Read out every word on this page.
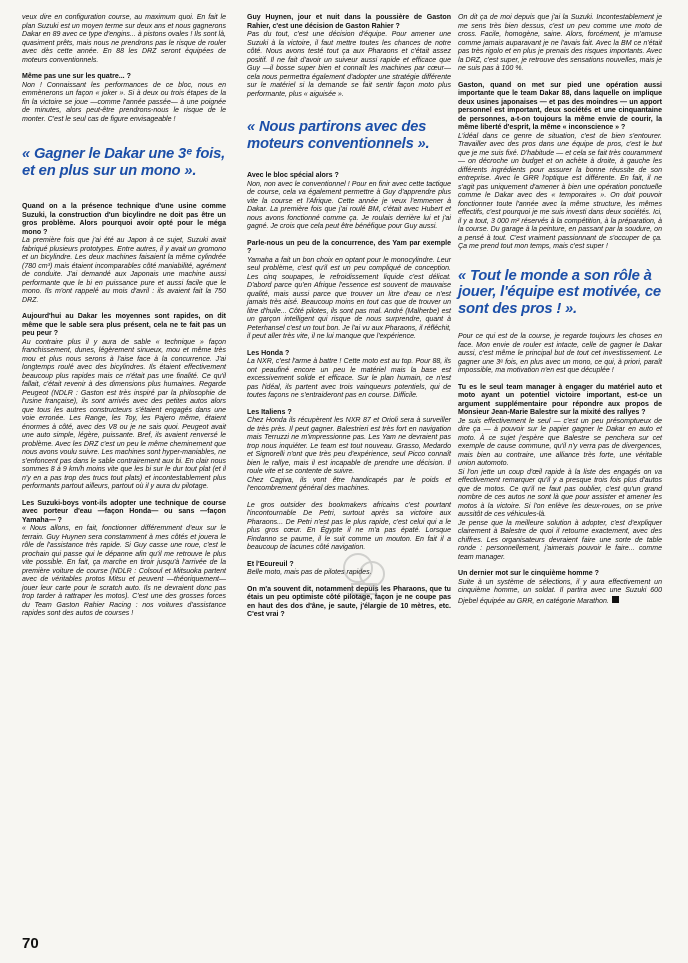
veux dire en configuration course, au maximum quoi. En fait le plan Suzuki est un moyen terme sur deux ans et nous gagnerons Dakar en 89 avec ce type d'engins... à pistons ovales ! Ils sont là, quasiment prêts, mais nous ne prendrons pas le risque de rouler avec dès cette année. En 88 les DRZ seront équipées de moteurs conventionnels.

Même pas une sur les quatre... ?

Non ! Connaissant les performances de ce bloc, nous en emmènerons un façon « joker ». Si à deux ou trois étapes de la fin la victoire se joue —comme l'année passée— à une poignée de minutes, alors peut-être prendrons-nous le risque de le monter. C'est le seul cas de figure envisageable !

« Gagner le Dakar une 3ᵉ fois, et en plus sur un mono ».
Quand on a la présence technique d'une usine comme Suzuki, la construction d'un bicylindre ne doit pas être un gros problème. Alors pourquoi avoir opté pour le méga mono ?

La première fois que j'ai été au Japon à ce sujet, Suzuki avait fabriqué plusieurs prototypes. Entre autres, il y avait un gromono et un bicylindre. Les deux machines faisaient la même cylindrée (780 cm³) mais étaient incomparables côté maniabilité, agrément de conduite. J'ai demandé aux Japonais une machine aussi performante que le bi en puissance pure et aussi facile que le mono. Ils m'ont rappelé au mois d'avril : ils avaient fait la 750 DRZ.

Aujourd'hui au Dakar les moyennes sont rapides, on dit même que le sable sera plus présent, cela ne te fait pas un peu peur ?

Au contraire plus il y aura de sable « technique » façon franchissement, dunes, légèrement sinueux, mou et même très mou et plus nous serons à l'aise face à la concurrence. J'ai longtemps roulé avec des bicylindres. Ils étaient effectivement beaucoup plus rapides mais ce n'était pas une finalité. Ce qu'il fallait, c'était revenir à des dimensions plus humaines. Regarde Peugeot (NDLR : Gaston est très inspiré par la philosophie de l'usine française), ils sont arrivés avec des petites autos alors que tous les autres constructeurs s'étaient engagés dans une voie erronée. Les Range, les Toy, les Pajero même, étaient énormes à côté, avec des V8 ou je ne sais quoi. Peugeot avait une auto simple, légère, puissante. Bref, ils avaient renversé le problème. Avec les DRZ c'est un peu le même cheminement que nous avons voulu suivre. Les machines sont hyper-maniables, ne s'enfoncent pas dans le sable contrairement aux bi. En clair nous sommes 8 à 9 km/h moins vite que les bi sur le dur tout plat (et il n'y en a pas trop des trucs tout plats) et incontestablement plus performants partout ailleurs, partout où il y aura du pilotage.

Les Suzuki-boys vont-ils adopter une technique de course avec porteur d'eau —façon Honda— ou sans —façon Yamaha— ?

« Nous allons, en fait, fonctionner différemment d'eux sur le terrain. Guy Huynen sera constamment à mes côtés et jouera le rôle de l'assistance très rapide. Si Guy casse une roue, c'est le prochain qui passe qui le dépanne afin qu'il me retrouve le plus vite possible. En fait, ça marche en tiroir jusqu'à l'arrivée de la première voiture de course (NDLR : Colsoul et Mitsuoka partent avec de véritables protos Mitsu et peuvent —théoriquement— jouer leur carte pour le scratch auto. Ils ne devraient donc pas trop tarder à rattraper les motos). C'est une des grosses forces du Team Gaston Rahier Racing : nos voitures d'assistance rapides sont des autos de courses !

Guy Huynen, jour et nuit dans la poussière de Gaston Rahier, c'est une décision de Gaston Rahier ?

Pas du tout, c'est une décision d'équipe. Pour amener une Suzuki à la victoire, il faut mettre toutes les chances de notre côté. Nous avons testé tout ça aux Pharaons et c'était assez positif. Il ne fait d'avoir un suiveur aussi rapide et efficace que Guy —il bosse super bien et connaît les machines par cœur— cela nous permettra également d'adopter une stratégie différente sur le matériel si la demande se fait sentir façon moto plus performante, plus « aiguisée ».

« Nous partirons avec des moteurs conventionnels ».
Avec le bloc spécial alors ?

Non, non avec le conventionnel ! Pour en finir avec cette tactique de course, cela va également permettre à Guy d'apprendre plus vite la course et l'Afrique. Cette année je veux l'emmener à Dakar. La première fois que j'ai roulé BM, c'était avec Hubert et nous avons fonctionné comme ça. Je roulais derrière lui et j'ai gagné. Je crois que cela peut être bénéfique pour Guy aussi.

Parle-nous un peu de la concurrence, des Yam par exemple ?

Yamaha a fait un bon choix en optant pour le monocylindre. Leur seul problème, c'est qu'il est un peu compliqué de conception. Les cinq soupapes, le refroidissement liquide c'est délicat. D'abord parce qu'en Afrique l'essence est souvent de mauvaise qualité, mais aussi parce que trouver un litre d'eau ce n'est jamais très aisé. Beaucoup moins en tout cas que de trouver un litre d'huile... Côté pilotes, ils sont pas mal. André (Malherbe) est un garçon intelligent qui risque de nous surprendre, quant à Peterhansel c'est un tout bon. Je l'ai vu aux Pharaons, il réfléchit, il peut aller très vite, il ne lui manque que l'expérience.

Les Honda ?

La NXR, c'est l'arme à battre ! Cette moto est au top. Pour 88, ils ont peaufiné encore un peu le matériel mais la base est excessivement solide et efficace. Sur le plan humain, ce n'est pas l'idéal, ils partent avec trois vainqueurs potentiels, qui de toutes façons ne s'entraideront pas en course. Difficile.

Les Italiens ?

Chez Honda ils récupèrent les NXR 87 et Orioli sera à surveiller de très près. Il peut gagner. Balestrieri est très fort en navigation mais Terruzzi ne m'impressionne pas. Les Yam ne devraient pas trop nous inquiéter. Le team est tout nouveau. Grasso, Medardo et Signorelli n'ont que très peu d'expérience, seul Picco connaît bien le rallye, mais il est incapable de prendre une décision. Il roule vite et se contente de suivre.

Chez Cagiva, ils vont être handicapés par le poids et l'encombrement général des machines.

Le gros outsider des bookmakers africains c'est pourtant l'incontournable De Petri, surtout après sa victoire aux Pharaons... De Petri n'est pas le plus rapide, c'est celui qui a le plus gros cœur. En Égypte il ne m'a pas épaté. Lorsque Findanno se paume, il le suit comme un mouton. En fait il a beaucoup de lacunes côté navigation.

Et l'Ecureuil ?

Belle moto, mais pas de pilotes rapides.

On m'a souvent dit, notamment depuis les Pharaons, que tu étais un peu optimiste côté pilotage, façon je ne coupe pas en haut des dos d'âne, je saute, j'élargie de 10 mètres, etc. C'est vrai ?

On dit ça de moi depuis que j'ai la Suzuki. Incontestablement je me sens très bien dessus, c'est un peu comme une moto de cross. Facile, homogène, saine. Alors, forcément, je m'amuse comme jamais auparavant je ne l'avais fait. Avec la BM ce n'était pas très rigolo et en plus je prenais des risques importants. Avec la DRZ, c'est super, je retrouve des sensations nouvelles, mais je ne suis pas à 100 %.

Gaston, quand on met sur pied une opération aussi importante que le team Dakar 88, dans laquelle on implique deux usines japonaises — et pas des moindres — un apport personnel est important, deux sociétés et une cinquantaine de personnes, a-t-on toujours la même envie de courir, la même liberté d'esprit, la même « inconscience » ?

L'idéal dans ce genre de situation, c'est de bien s'entourer. Travailler avec des pros dans une équipe de pros, c'est le but que je me suis fixé. D'habitude — et cela se fait très couramment — on décroche un budget et on achète à droite, à gauche les différents ingrédients pour assurer la bonne réussite de son entreprise. Avec le GRR l'optique est différente. En fait, il ne s'agit pas uniquement d'amener à bien une opération ponctuelle comme le Dakar avec des « temporaires ». On doit pouvoir fonctionner toute l'année avec la même structure, les mêmes effectifs, c'est pourquoi je me suis investi dans deux sociétés. Ici, il y a tout, 3 000 m² réservés à la compétition, à la préparation, à la course. Du garage à la peinture, en passant par la soudure, on a pensé à tout. C'est vraiment passionnant de s'occuper de ça. Ça me prend tout mon temps, mais c'est super !

« Tout le monde a son rôle à jouer, l'équipe est motivée, ce sont des pros ! ».

Pour ce qui est de la course, je regarde toujours les choses en face. Mon envie de rouler est intacte, celle de gagner le Dakar aussi, c'est même le principal but de tout cet investissement. Le gagner une 3ᵉ fois, en plus avec un mono, ce qui, à priori, paraît impossible, ma motivation n'en est que décuplée !

Tu es le seul team manager à engager du matériel auto et moto ayant un potentiel victoire important, est-ce un argument supplémentaire pour répondre aux propos de Monsieur Jean-Marie Balestre sur la mixité des rallyes ?

Je suis effectivement le seul — c'est un peu présomptueux de dire ça — à pouvoir sur le papier gagner le Dakar en auto et moto. À ce sujet j'espère que Balestre se penchera sur cet exemple de cause commune, qu'il n'y verra pas de divergences, mais bien au contraire, une alliance très forte, une véritable union automoto.

Si l'on jette un coup d'œil rapide à la liste des engagés on va effectivement remarquer qu'il y a presque trois fois plus d'autos que de motos. Ce qu'il ne faut pas oublier, c'est qu'un grand nombre de ces autos ne sont là que pour assister et amener les motos à la victoire. Si l'on enlève les deux-roues, on se prive aussitôt de ces véhicules-là.

Je pense que la meilleure solution à adopter, c'est d'expliquer clairement à Balestre de quoi il retourne exactement, avec des chiffres. Les organisateurs devraient faire une sorte de table ronde : personnellement, j'aimerais pouvoir le faire... comme team manager.

Un dernier mot sur le cinquième homme ?

Suite à un système de sélections, il y aura effectivement un cinquième homme, un soldat. Il partira avec une Suzuki 600 Djebel équipée au GRR, en catégorie Marathon.

70
